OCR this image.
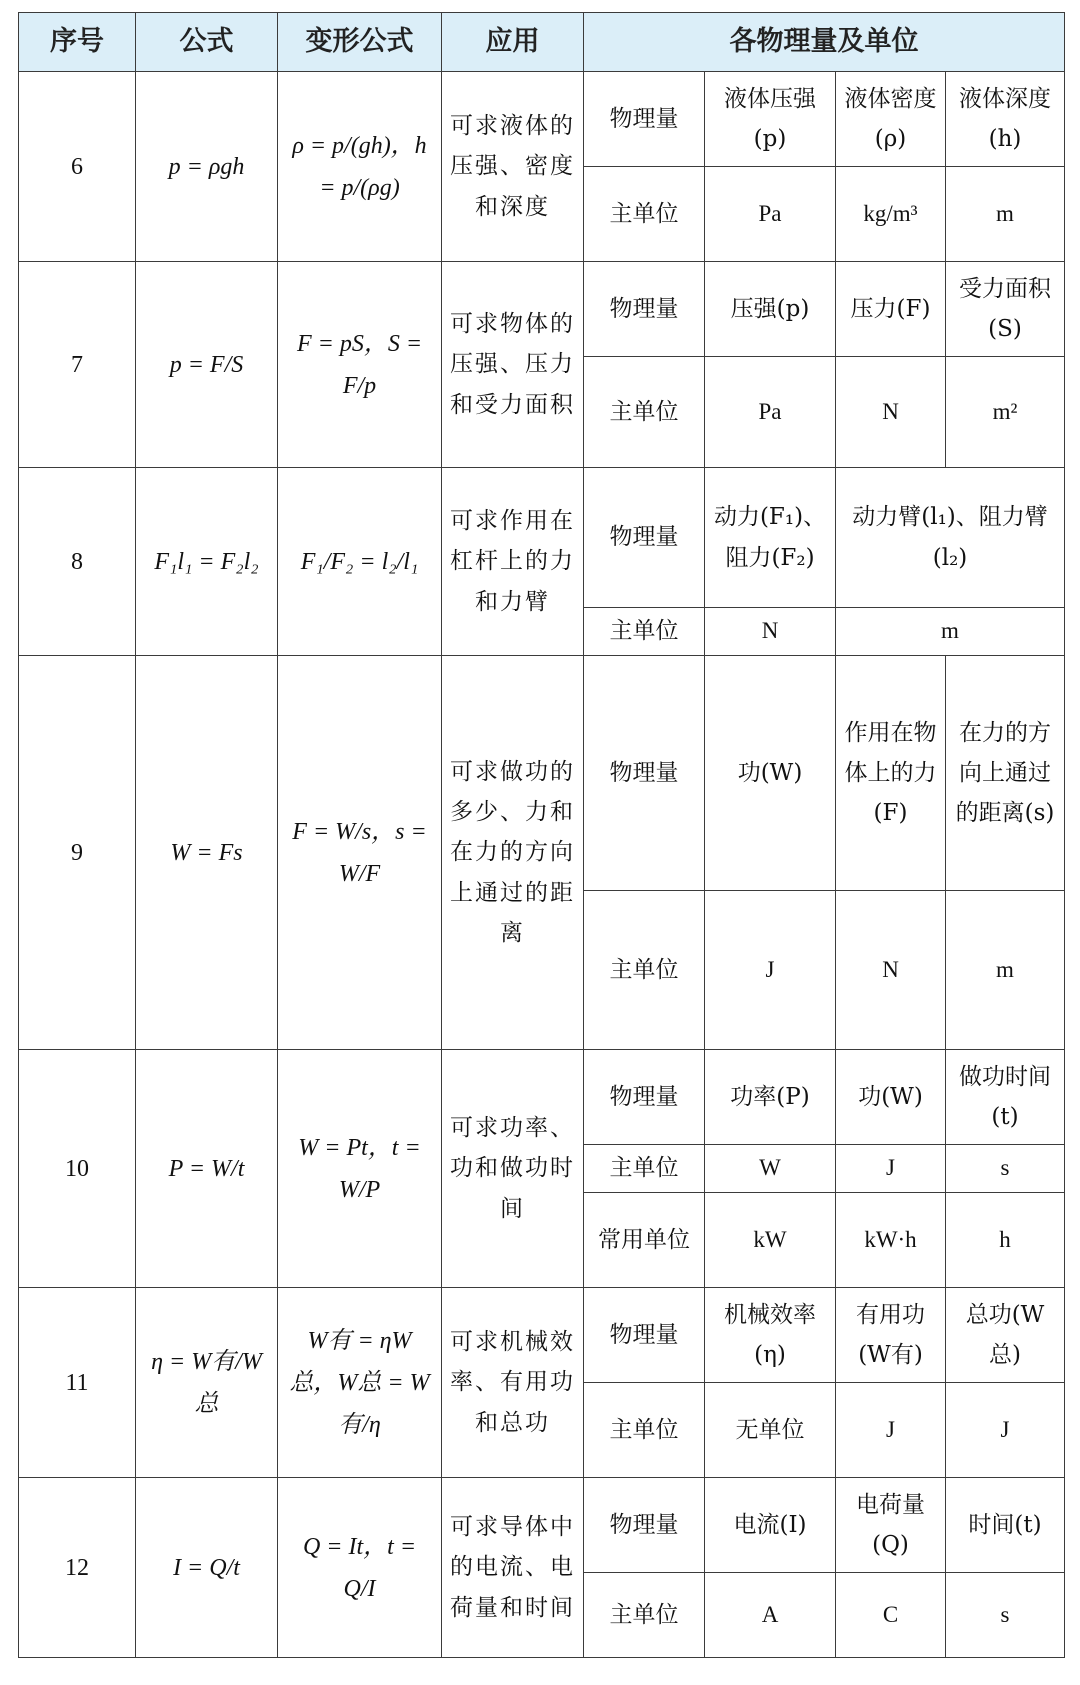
序号	公式	变形公式	应用	各物理量及单位			
6	p = ρgh	ρ = p/(gh)，h = p/(ρg)	可求液体的压强、密度和深度	物理量	液体压强(p)	液体密度(ρ)	液体深度(h)
				主单位	Pa	kg/m³	m
7	p = F/S	F = pS，S = F/p	可求物体的压强、压力和受力面积	物理量	压强(p)	压力(F)	受力面积(S)
				主单位	Pa	N	m²
8	F₁l₁ = F₂l₂	F₁/F₂ = l₂/l₁	可求作用在杠杆上的力和力臂	物理量	动力(F₁)、阻力(F₂)	动力臂(l₁)、阻力臂(l₂)	
				主单位	N	m	
9	W = Fs	F = W/s，s = W/F	可求做功的多少、力和在力的方向上通过的距离	物理量	功(W)	作用在物体上的力(F)	在力的方向上通过的距离(s)
				主单位	J	N	m
10	P = W/t	W = Pt，t = W/P	可求功率、功和做功时间	物理量	功率(P)	功(W)	做功时间(t)
				主单位	W	J	s
				常用单位	kW	kW·h	h
11	η = W有/W总	W有 = ηW总，W总 = W有/η	可求机械效率、有用功和总功	物理量	机械效率(η)	有用功(W有)	总功(W总)
				主单位	无单位	J	J
12	I = Q/t	Q = It，t = Q/I	可求导体中的电流、电荷量和时间	物理量	电流(I)	电荷量(Q)	时间(t)
				主单位	A	C	s
